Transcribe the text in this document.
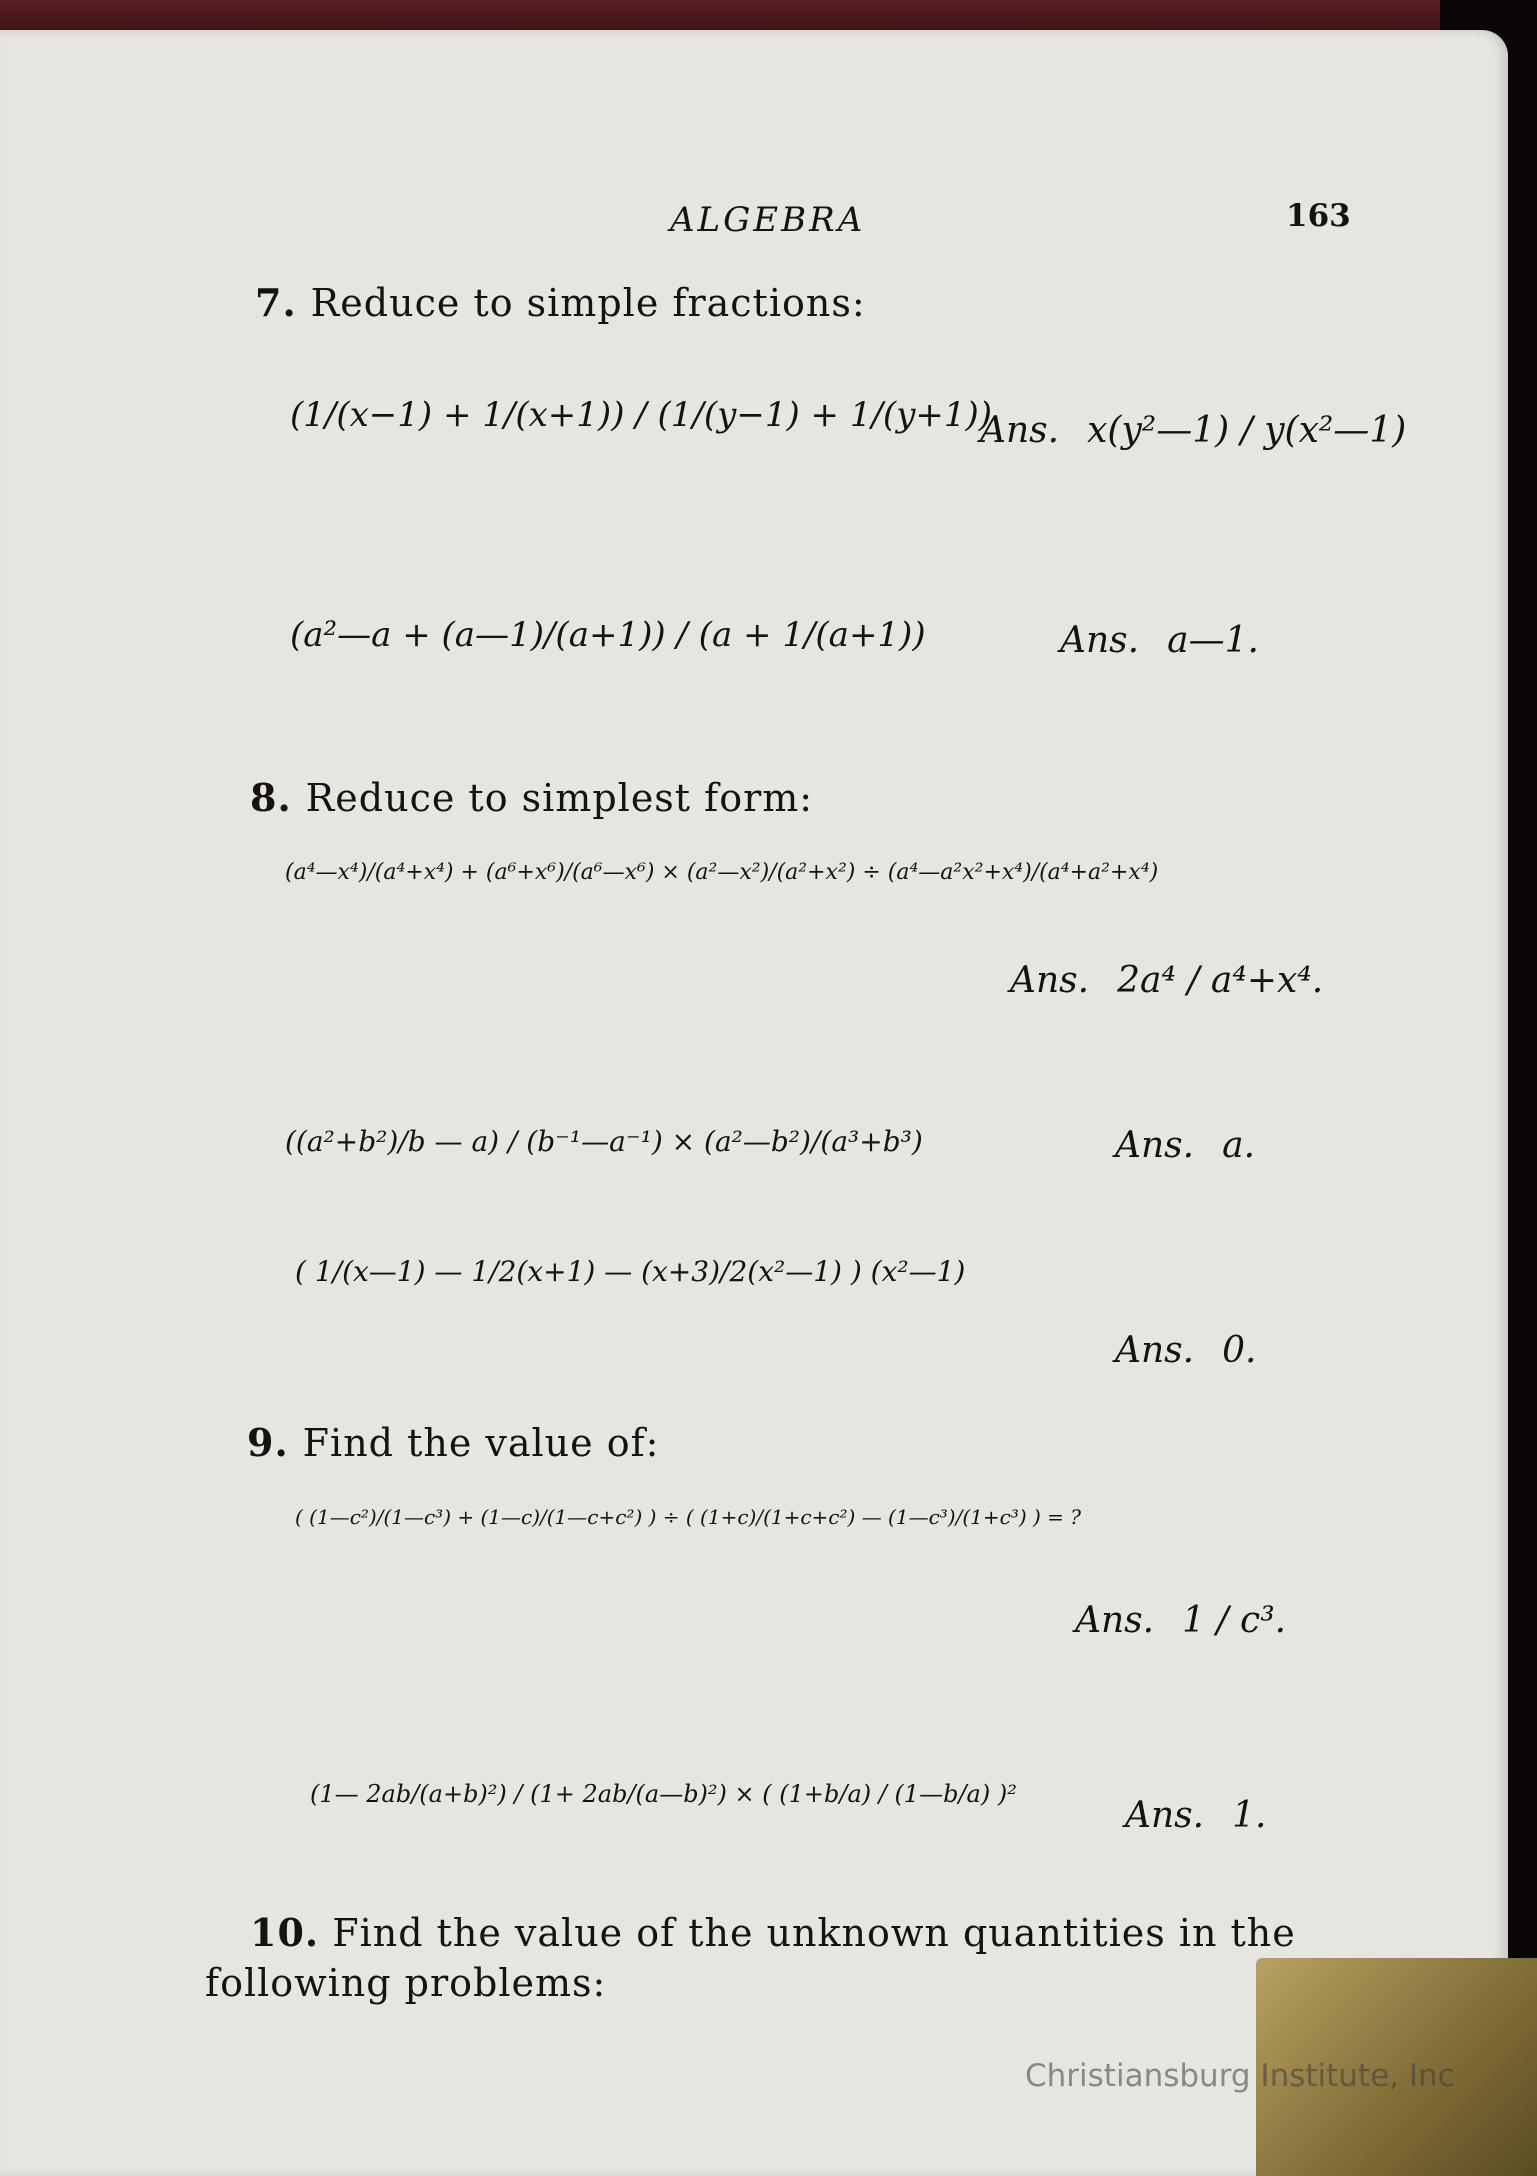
ALGEBRA	163
7. Reduce to simple fractions:
(1/(x−1) + 1/(x+1)) / (1/(y−1) + 1/(y+1))
Ans. x(y²—1) / y(x²—1)
(a²—a + (a—1)/(a+1)) / (a + 1/(a+1))	Ans. a—1.
8. Reduce to simplest form:
(a⁴—x⁴)/(a⁴+x⁴) + (a⁶+x⁶)/(a⁶—x⁶) × (a²—x²)/(a²+x²) ÷ (a⁴—a²x²+x⁴)/(a⁴+a²+x⁴)
Ans. 2a⁴ / a⁴+x⁴.
((a²+b²)/b — a) / (b⁻¹—a⁻¹) × (a²—b²)/(a³+b³)	Ans. a.
( 1/(x—1) — 1/2(x+1) — (x+3)/2(x²—1) ) (x²—1)
Ans. 0.
9. Find the value of:
( (1—c²)/(1—c³) + (1—c)/(1—c+c²) ) ÷ ( (1+c)/(1+c+c²) — (1—c³)/(1+c³) ) = ?
Ans. 1 / c³.
(1— 2ab/(a+b)²) / (1+ 2ab/(a—b)²) × ( (1+b/a) / (1—b/a) )²
Ans. 1.
10. Find the value of the unknown quantities in the following problems:
Christiansburg Institute, Inc
